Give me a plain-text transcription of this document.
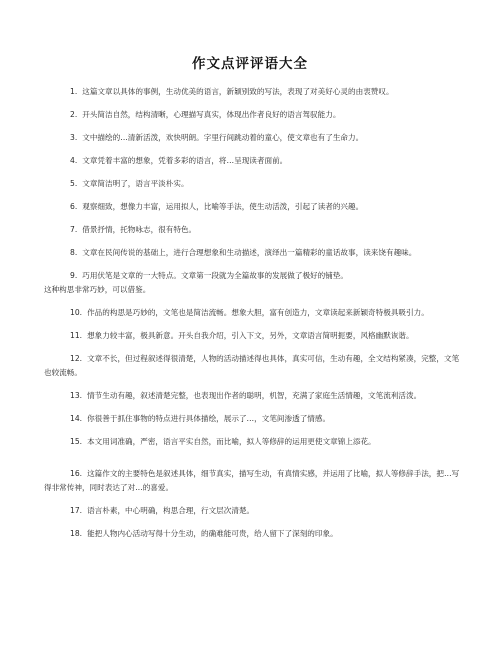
作文点评评语大全

1. 这篇文章以具体的事例，生动优美的语言，新颖别致的写法，表现了对美好心灵的由衷赞叹。

2. 开头简洁自然，结构清晰，心理描写真实，体现出作者良好的语言驾驭能力。

3. 文中描绘的…清新活泼，欢快明朗。字里行间跳动着的童心，使文章也有了生命力。

4. 文章凭着丰富的想象，凭着多彩的语言，将…呈现读者面前。

5. 文章简洁明了，语言平淡朴实。

6. 观察细致，想像力丰富，运用拟人，比喻等手法，使生动活泼，引起了读者的兴趣。

7. 借景抒情，托物咏志，很有特色。

8. 文章在民间传说的基础上，进行合理想象和生动描述，演绎出一篇精彩的童话故事，读来饶有趣味。

9. 巧用伏笔是文章的一大特点。文章第一段就为全篇故事的发展做了极好的铺垫。
这种构思非常巧妙，可以借鉴。

10. 作品的构思是巧妙的，文笔也是简洁流畅。想象大胆，富有创造力，文章读起来新颖奇特极具吸引力。

11. 想象力较丰富，极具新意。开头自我介绍，引入下文，另外，文章语言简明扼要，风格幽默诙谐。

12. 文章不长，但过程叙述得很清楚，人物的活动描述得也具体，真实可信，生动有趣，全文结构紧凑，完整，文笔也较流畅。

13. 情节生动有趣，叙述清楚完整，也表现出作者的聪明，机智，充满了家庭生活情趣，文笔流利活泼。

14. 你很善于抓住事物的特点进行具体描绘，展示了…，文笔间渗透了情感。

15. 本文用词准确，严密，语言平实自然，而比喻，拟人等修辞的运用更使文章锦上添花。

16. 这篇作文的主要特色是叙述具体，细节真实，描写生动，有真情实感，并运用了比喻，拟人等修辞手法，把…写得非常传神，同时表达了对…的喜爱。

17. 语言朴素，中心明确，构思合理，行文层次清楚。

18. 能把人物内心活动写得十分生动，的确难能可贵，给人留下了深刻的印象。
